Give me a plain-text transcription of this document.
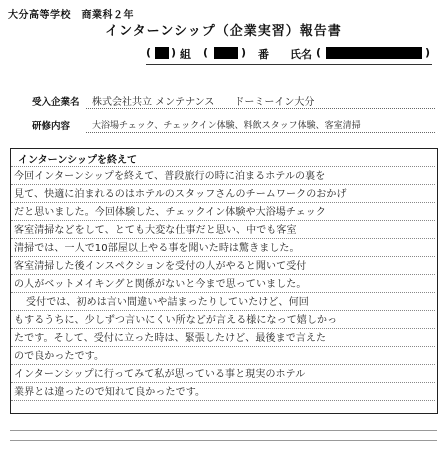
大分高等学校　商業科２年
インターンシップ（企業実習）報告書
( ) 組 (	) 番 氏名 (	)
受入企業名 株式会社共立 メンテナンス　　ドーミーイン大分
研修内容 大浴場チェック、チェックイン体験、料飲スタッフ体験、客室清掃
インターンシップを終えて
今回インターンシップを終えて、普段旅行の時に泊まるホテルの裏を
見て、快適に泊まれるのはホテルのスタッフさんのチームワークのおかげ
だと思いました。今回体験した、チェックイン体験や大浴場チェック
客室清掃などをして、とても大変な仕事だと思い、中でも客室
清掃では、一人で10部屋以上やる事を聞いた時は驚きました。
客室清掃した後インスペクションを受付の人がやると聞いて受付
の人がベットメイキングと関係がないと今まで思っていました。
受付では、初めは言い間違いや詰まったりしていたけど、何回
もするうちに、少しずつ言いにくい所などが言える様になって嬉しかっ
たです。そして、受付に立った時は、緊張したけど、最後まで言えた
ので良かったです。
インターンシップに行ってみて私が思っている事と現実のホテル
業界とは違ったので知れて良かったです。
